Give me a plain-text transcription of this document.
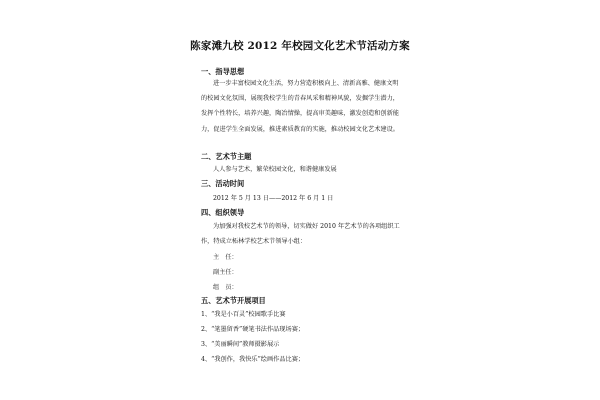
陈家滩九校 2012 年校园文化艺术节活动方案
一、指导思想
进一步丰富校园文化生活，努力营造积极向上、清新高雅、健康文明的校园文化氛围，展现我校学生的青春风采和精神风貌，发掘学生潜力，发挥个性特长，培养兴趣，陶冶情操，提高审美趣味，激发创造和创新能力，促进学生全面发展，推进素质教育的实施，推动校园文化艺术建设。
二、艺术节主题
人人参与艺术，繁荣校园文化，和谐健康发展
三、活动时间
2012 年 5 月 13 日——2012 年 6 月 1 日
四、组织领导
为加强对我校艺术节的领导，切实做好 2010 年艺术节的各项组织工作，特成立柘林学校艺术节领导小组：
主　任：
副主任：
组　员：
五、艺术节开展项目
1、“我是小百灵”校园歌手比赛
2、“笔墨留香”硬笔书法作品现场赛；
3、“美丽瞬间”教师摄影展示
4、“我创作，我快乐”绘画作品比赛；
